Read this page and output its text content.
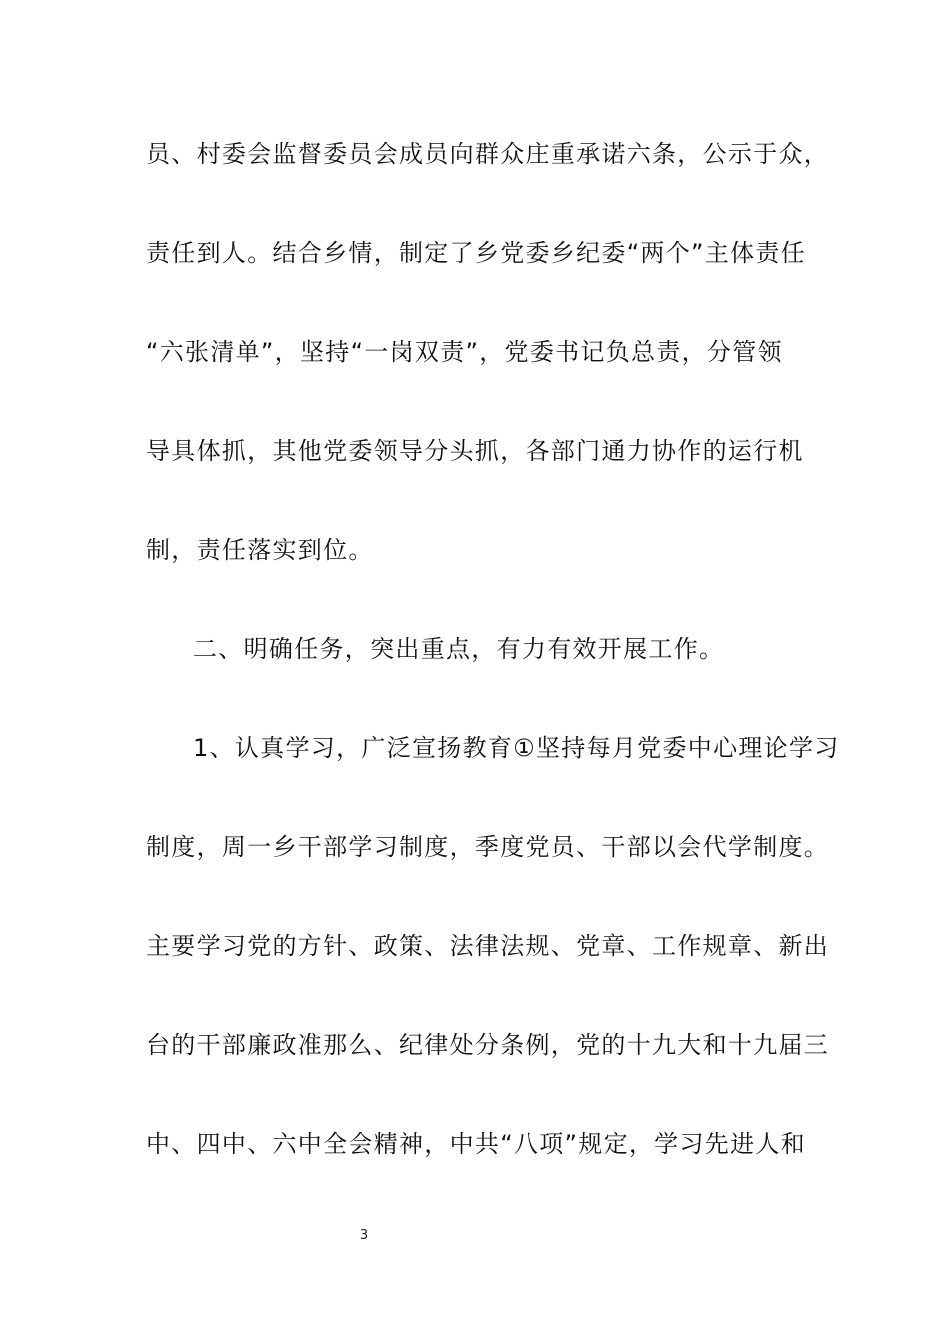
员、村委会监督委员会成员向群众庄重承诺六条，公示于众，
责任到人。结合乡情，制定了乡党委乡纪委“两个”主体责任
“六张清单”，坚持“一岗双责”，党委书记负总责，分管领
导具体抓，其他党委领导分头抓，各部门通力协作的运行机
制，责任落实到位。
二、明确任务，突出重点，有力有效开展工作。
1、认真学习，广泛宣扬教育①坚持每月党委中心理论学习
制度，周一乡干部学习制度，季度党员、干部以会代学制度。
主要学习党的方针、政策、法律法规、党章、工作规章、新出
台的干部廉政准那么、纪律处分条例，党的十九大和十九届三
中、四中、六中全会精神，中共“八项”规定，学习先进人和
3
